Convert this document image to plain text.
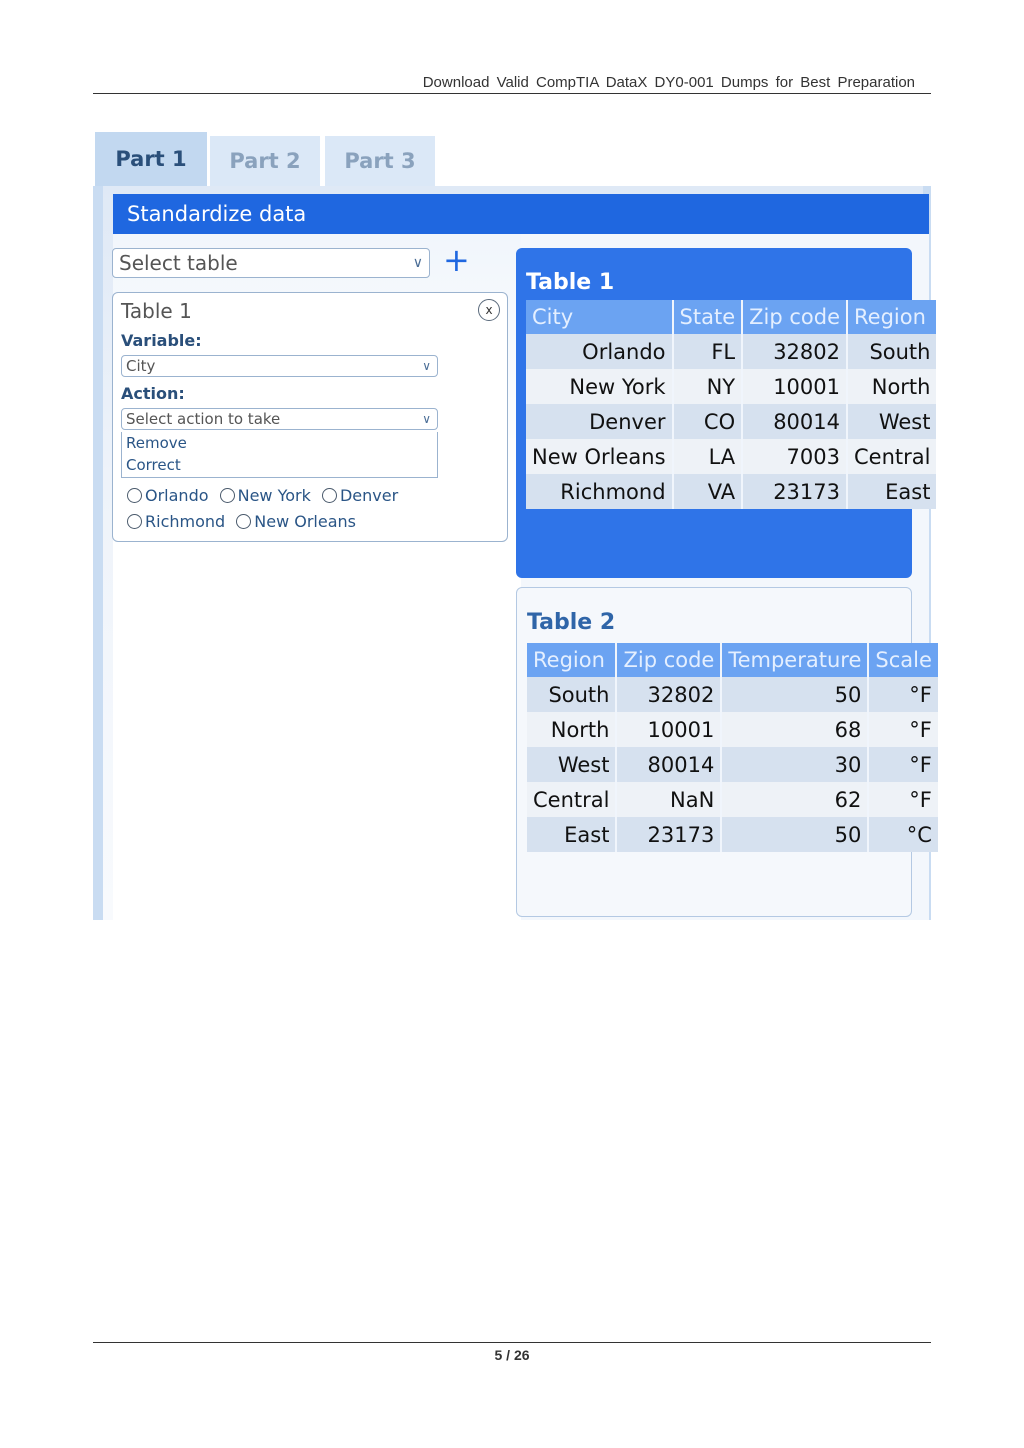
Download Valid CompTIA DataX DY0-001 Dumps for Best Preparation
Part 1	Part 2	Part 3
Standardize data
Select table	∨ +
Table 1	x
Variable:
City	∨
Action:
Select action to take	∨
Remove
Correct
Orlando
New York
Denver
Richmond
New Orleans
Table 1
City	State	Zip code	Region
Orlando	FL	32802	South
New York	NY	10001	North
Denver	CO	80014	West
New Orleans	LA	7003	Central
Richmond	VA	23173	East
Table 2
Region	Zip code	Temperature	Scale
South	32802	50	°F
North	10001	68	°F
West	80014	30	°F
Central	NaN	62	°F
East	23173	50	°C
5 / 26
